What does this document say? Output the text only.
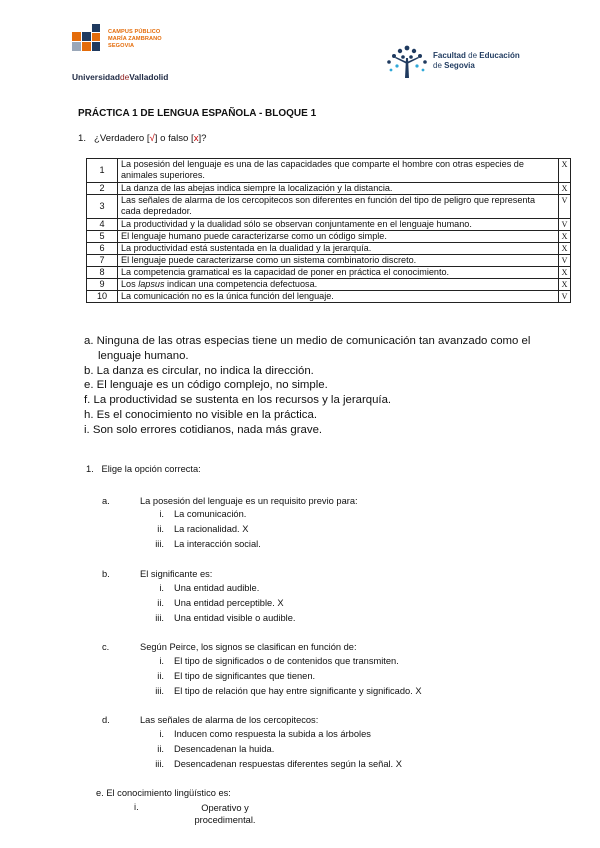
CAMPUS PÚBLICO
MARÍA ZAMBRANO
SEGOVIA
UniversidaddeValladolid
Facultad de Educación
de Segovia
PRÁCTICA 1 DE LENGUA ESPAÑOLA - BLOQUE 1
1. ¿Verdadero [√] o falso [x]?
1	La posesión del lenguaje es una de las capacidades que comparte el hombre con otras especies de animales superiores.	X
2	La danza de las abejas indica siempre la localización y la distancia.	X
3	Las señales de alarma de los cercopitecos son diferentes en función del tipo de peligro que representa cada depredador.	V
4	La productividad y la dualidad sólo se observan conjuntamente en el lenguaje humano.	V
5	El lenguaje humano puede caracterizarse como un código simple.	X
6	La productividad está sustentada en la dualidad y la jerarquía.	X
7	El lenguaje puede caracterizarse como un sistema combinatorio discreto.	V
8	La competencia gramatical es la capacidad de poner en práctica el conocimiento.	X
9	Los lapsus indican una competencia defectuosa.	X
10	La comunicación no es la única función del lenguaje.	V
a. Ninguna de las otras especias tiene un medio de comunicación tan avanzado como el lenguaje humano.
b. La danza es circular, no indica la dirección.
e. El lenguaje es un código complejo, no simple.
f. La productividad se sustenta en los recursos y la jerarquía.
h. Es el conocimiento no visible en la práctica.
i. Son solo errores cotidianos, nada más grave.
1. Elige la opción correcta:
a.	La posesión del lenguaje es un requisito previo para:
i. La comunicación.
ii. La racionalidad. X
iii. La interacción social.
b.	El significante es:
i. Una entidad audible.
ii. Una entidad perceptible. X
iii. Una entidad visible o audible.
c.	Según Peirce, los signos se clasifican en función de:
i. El tipo de significados o de contenidos que transmiten.
ii. El tipo de significantes que tienen.
iii. El tipo de relación que hay entre significante y significado. X
d.	Las señales de alarma de los cercopitecos:
i. Inducen como respuesta la subida a los árboles
ii. Desencadenan la huida.
iii. Desencadenan respuestas diferentes según la señal. X
e. El conocimiento lingüístico es:
i.	Operativo y
procedimental.
